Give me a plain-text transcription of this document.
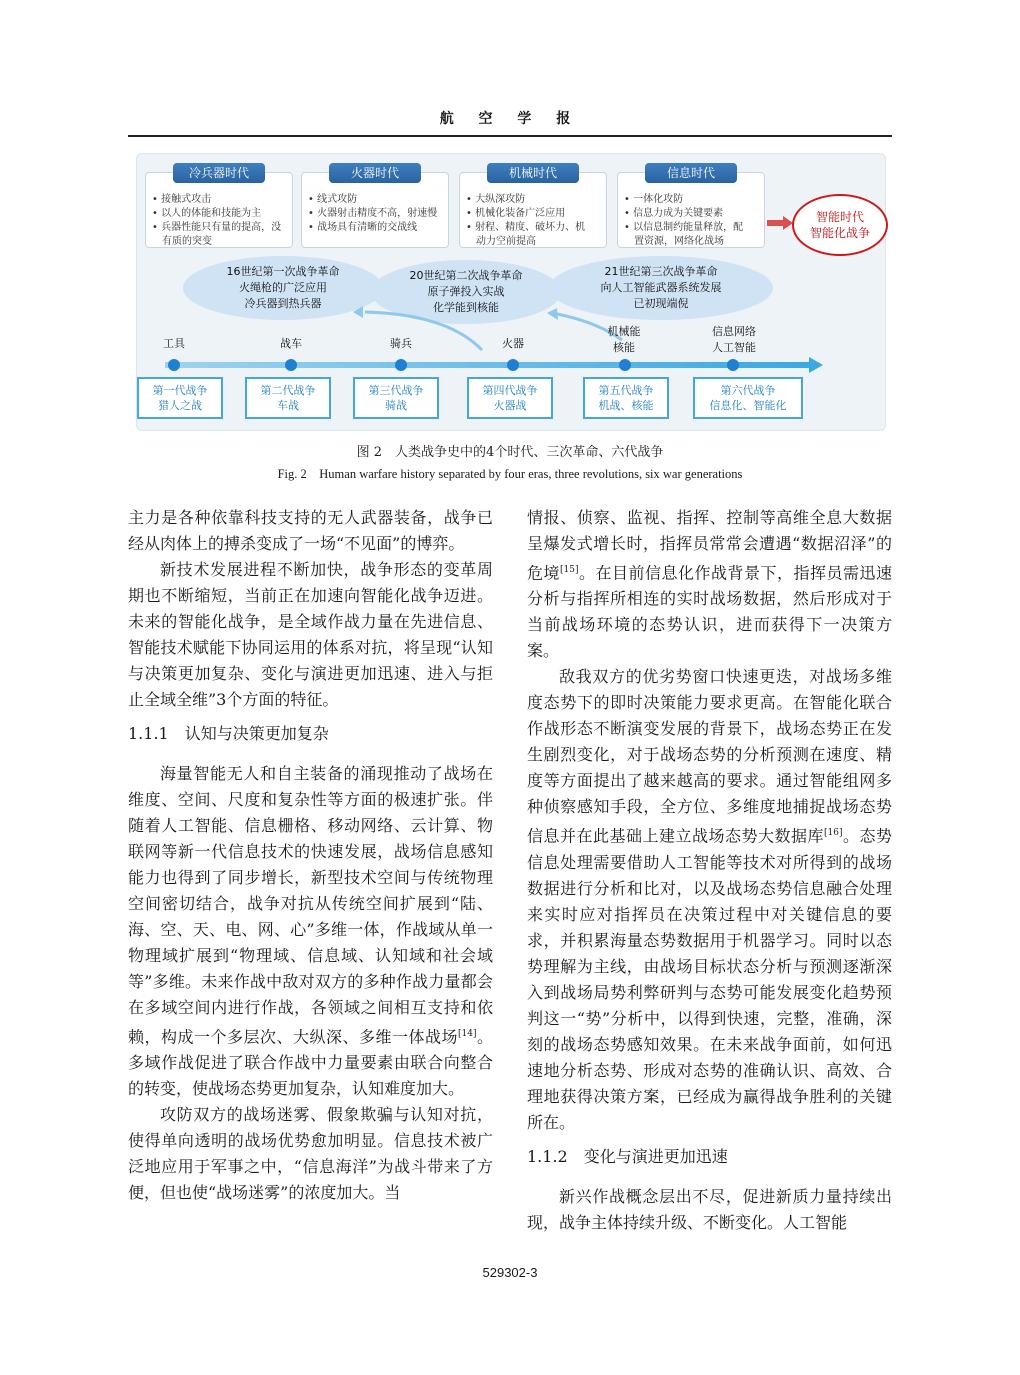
航 空 学 报
• 接触式攻击
• 以人的体能和技能为主
• 兵器性能只有量的提高，没
有质的突变
冷兵器时代
• 线式攻防
• 火器射击精度不高，射速慢
• 战场具有清晰的交战线
火器时代
• 大纵深攻防
• 机械化装备广泛应用
• 射程、精度、破坏力、机
动力空前提高
机械时代
• 一体化攻防
• 信息力成为关键要素
• 以信息制约能量释放，配
置资源，网络化战场
信息时代
智能时代
智能化战争
16世纪第一次战争革命
火绳枪的广泛应用
冷兵器到热兵器
20世纪第二次战争革命
原子弹投入实战
化学能到核能
21世纪第三次战争革命
向人工智能武器系统发展
已初现端倪
工具	战车	骑兵	火器
机械能
核能
信息网络
人工智能
第一代战争
猎人之战
第二代战争
车战
第三代战争
骑战
第四代战争
火器战
第五代战争
机战、核能
第六代战争
信息化、智能化
图 2　人类战争史中的4个时代、三次革命、六代战争
Fig. 2　Human warfare history separated by four eras, three revolutions, six war generations

主力是各种依靠科技支持的无人武器装备，战争已经从肉体上的搏杀变成了一场“不见面”的博弈。

新技术发展进程不断加快，战争形态的变革周期也不断缩短，当前正在加速向智能化战争迈进。未来的智能化战争，是全域作战力量在先进信息、智能技术赋能下协同运用的体系对抗，将呈现“认知与决策更加复杂、变化与演进更加迅速、进入与拒止全域全维”3个方面的特征。

1.1.1　认知与决策更加复杂

海量智能无人和自主装备的涌现推动了战场在维度、空间、尺度和复杂性等方面的极速扩张。伴随着人工智能、信息栅格、移动网络、云计算、物联网等新一代信息技术的快速发展，战场信息感知能力也得到了同步增长，新型技术空间与传统物理空间密切结合，战争对抗从传统空间扩展到“陆、海、空、天、电、网、心”多维一体，作战域从单一物理域扩展到“物理域、信息域、认知域和社会域等”多维。未来作战中敌对双方的多种作战力量都会在多域空间内进行作战，各领域之间相互支持和依赖，构成一个多层次、大纵深、多维一体战场[14]。多域作战促进了联合作战中力量要素由联合向整合的转变，使战场态势更加复杂，认知难度加大。

攻防双方的战场迷雾、假象欺骗与认知对抗，使得单向透明的战场优势愈加明显。信息技术被广泛地应用于军事之中，“信息海洋”为战斗带来了方便，但也使“战场迷雾”的浓度加大。当

情报、侦察、监视、指挥、控制等高维全息大数据呈爆发式增长时，指挥员常常会遭遇“数据沼泽”的危境[15]。在目前信息化作战背景下，指挥员需迅速分析与指挥所相连的实时战场数据，然后形成对于当前战场环境的态势认识，进而获得下一决策方案。

敌我双方的优劣势窗口快速更迭，对战场多维度态势下的即时决策能力要求更高。在智能化联合作战形态不断演变发展的背景下，战场态势正在发生剧烈变化，对于战场态势的分析预测在速度、精度等方面提出了越来越高的要求。通过智能组网多种侦察感知手段，全方位、多维度地捕捉战场态势信息并在此基础上建立战场态势大数据库[16]。态势信息处理需要借助人工智能等技术对所得到的战场数据进行分析和比对，以及战场态势信息融合处理来实时应对指挥员在决策过程中对关键信息的要求，并积累海量态势数据用于机器学习。同时以态势理解为主线，由战场目标状态分析与预测逐渐深入到战场局势利弊研判与态势可能发展变化趋势预判这一“势”分析中，以得到快速，完整，准确，深刻的战场态势感知效果。在未来战争面前，如何迅速地分析态势、形成对态势的准确认识、高效、合理地获得决策方案，已经成为赢得战争胜利的关键所在。

1.1.2　变化与演进更加迅速

新兴作战概念层出不尽，促进新质力量持续出现，战争主体持续升级、不断变化。人工智能

529302-3
